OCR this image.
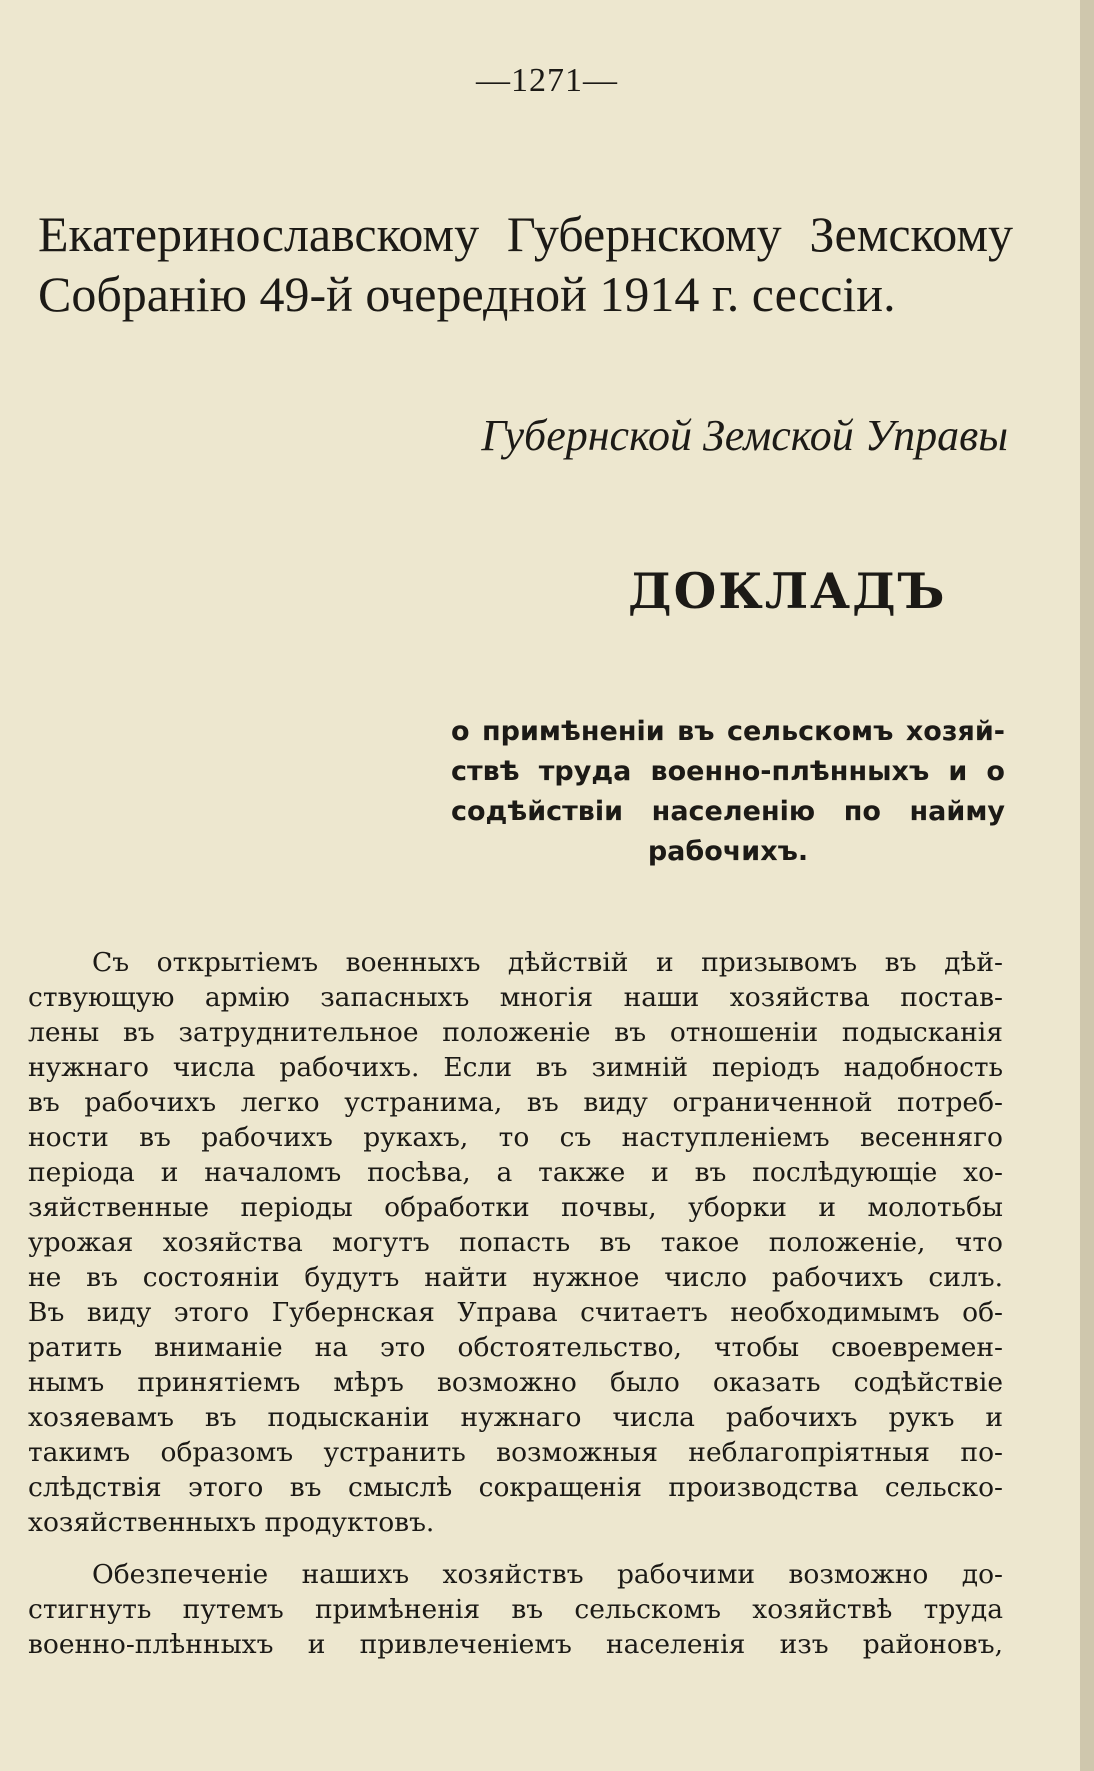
—1271—
Екатеринославскому Губернскому Земскому
Собранію 49-й очередной 1914 г. сессіи.
Губернской Земской Управы
ДОКЛАДЪ
о примѣненіи въ сельскомъ хозяй-
ствѣ труда военно-плѣнныхъ и о
содѣйствіи населенію по найму
рабочихъ.
Съ открытіемъ военныхъ дѣйствій и призывомъ въ дѣй-
ствующую армію запасныхъ многія наши хозяйства постав-
лены въ затруднительное положеніе въ отношеніи подысканія
нужнаго числа рабочихъ. Если въ зимній періодъ надобность
въ рабочихъ легко устранима, въ виду ограниченной потреб-
ности въ рабочихъ рукахъ, то съ наступленіемъ весенняго
періода и началомъ посѣва, а также и въ послѣдующіе хо-
зяйственные періоды обработки почвы, уборки и молотьбы
урожая хозяйства могутъ попасть въ такое положеніе, что
не въ состояніи будутъ найти нужное число рабочихъ силъ.
Въ виду этого Губернская Управа считаетъ необходимымъ об-
ратить вниманіе на это обстоятельство, чтобы своевремен-
нымъ принятіемъ мѣръ возможно было оказать содѣйствіе
хозяевамъ въ подысканіи нужнаго числа рабочихъ рукъ и
такимъ образомъ устранить возможныя неблагопріятныя по-
слѣдствія этого въ смыслѣ сокращенія производства сельско-
хозяйственныхъ продуктовъ.
Обезпеченіе нашихъ хозяйствъ рабочими возможно до-
стигнуть путемъ примѣненія въ сельскомъ хозяйствѣ труда
военно-плѣнныхъ и привлеченіемъ населенія изъ районовъ,
